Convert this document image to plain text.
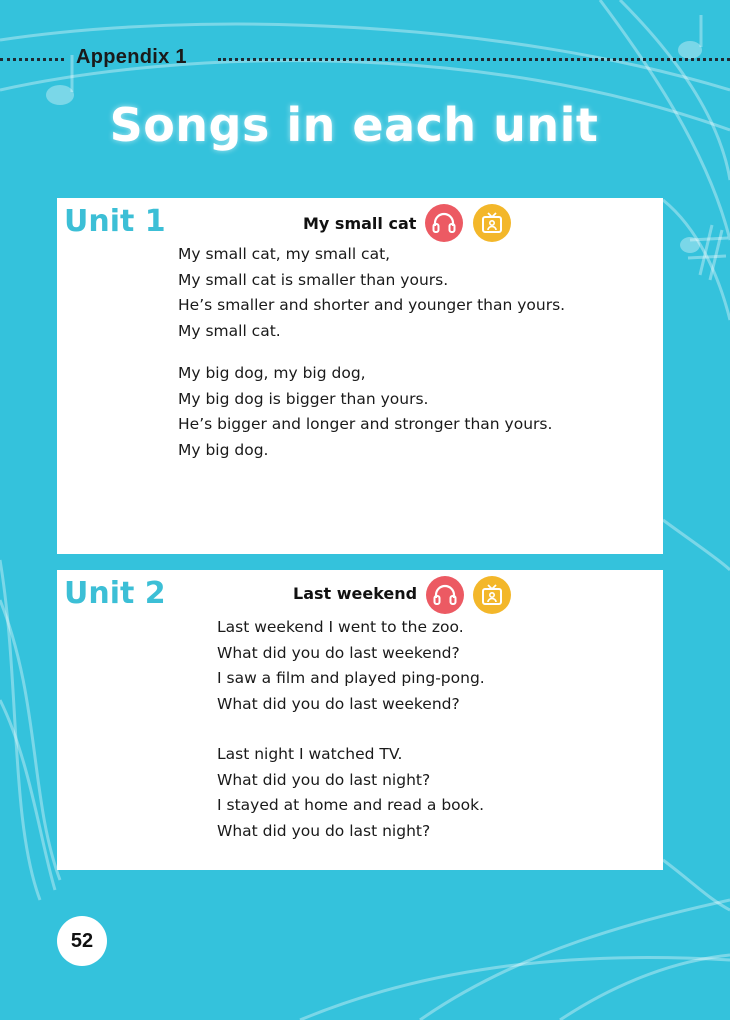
Appendix 1
Songs in each unit
Unit 1	My small cat
My small cat, my small cat,
My small cat is smaller than yours.
He’s smaller and shorter and younger than yours.
My small cat.
My big dog, my big dog,
My big dog is bigger than yours.
He’s bigger and longer and stronger than yours.
My big dog.
Unit 2	Last weekend
Last weekend I went to the zoo.
What did you do last weekend?
I saw a film and played ping-pong.
What did you do last weekend?
Last night I watched TV.
What did you do last night?
I stayed at home and read a book.
What did you do last night?
52
